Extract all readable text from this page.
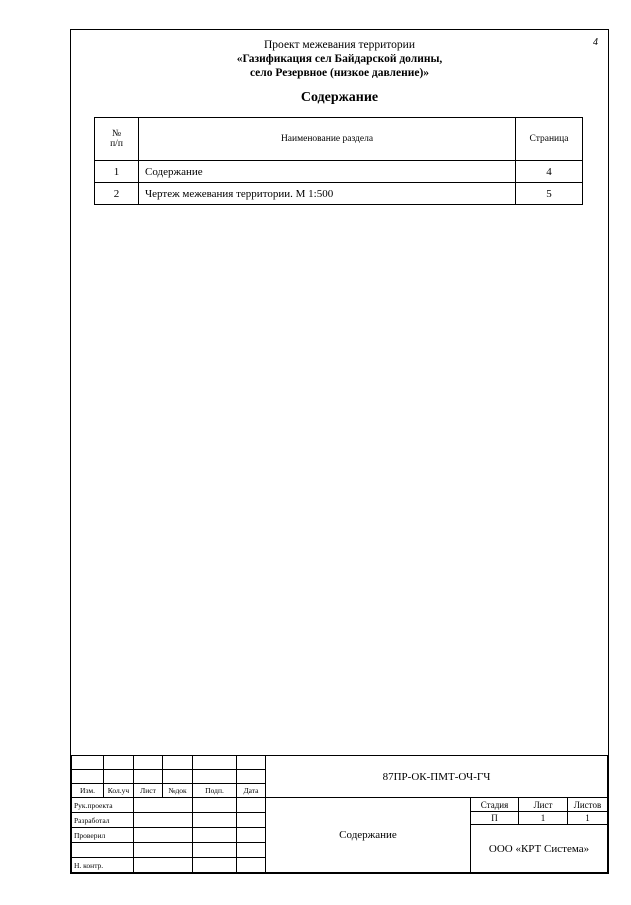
4
Проект межевания территории
«Газификация сел Байдарской долины,
село Резервное (низкое давление)»
Содержание
№
п/п	Наименование раздела	Страница
1	Содержание	4
2	Чертеж межевания территории. М 1:500	5
Изм.	Кол.уч	Лист	№док	Подп.	Дата
87ПР-ОК-ПМТ-ОЧ-ГЧ
Рук.проекта
Разработал
Проверил
Н. контр.
Содержание
Стадия	Лист	Листов
П	1	1
ООО «КРТ Система»
